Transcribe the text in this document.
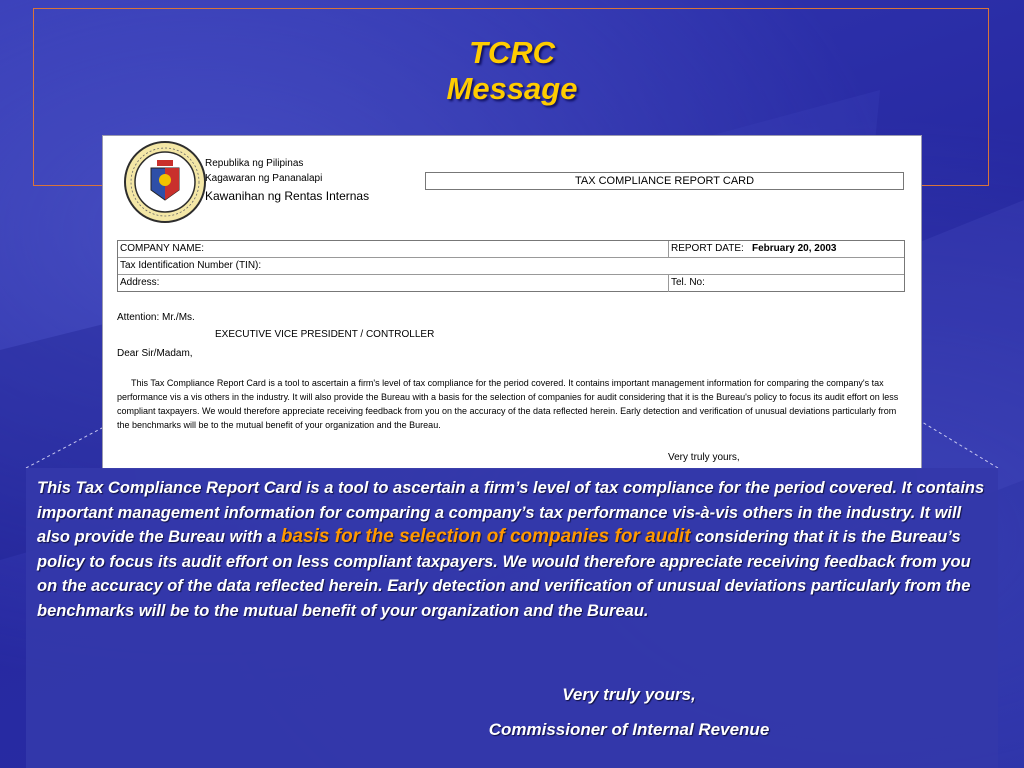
TCRC
Message
Republika ng Pilipinas
Kagawaran ng Pananalapi
Kawanihan ng Rentas Internas
TAX COMPLIANCE REPORT CARD
COMPANY NAME:	REPORT DATE: February 20, 2003
Tax Identification Number (TIN):
Address:	Tel. No:
Attention: Mr./Ms.
EXECUTIVE VICE PRESIDENT / CONTROLLER
Dear Sir/Madam,
This Tax Compliance Report Card is a tool to ascertain a firm's level of tax compliance for the period covered. It contains important management information for comparing the company's tax performance vis a vis others in the industry. It will also provide the Bureau with a basis for the selection of companies for audit considering that it is the Bureau's policy to focus its audit effort on less compliant taxpayers. We would therefore appreciate receiving feedback from you on the accuracy of the data reflected herein. Early detection and verification of unusual deviations particularly from the benchmarks will be to the mutual benefit of your organization and the Bureau.
Very truly yours,
This Tax Compliance Report Card is a tool to ascertain a firm’s level of tax compliance for the period covered. It contains important management information for comparing a company’s tax performance vis-à-vis others in the industry. It will also provide the Bureau with a basis for the selection of companies for audit considering that it is the Bureau’s policy to focus its audit effort on less compliant taxpayers. We would therefore appreciate receiving feedback from you on the accuracy of the data reflected herein. Early detection and verification of unusual deviations particularly from the benchmarks will be to the mutual benefit of your organization and the Bureau.
Very truly yours,
Commissioner of Internal Revenue
